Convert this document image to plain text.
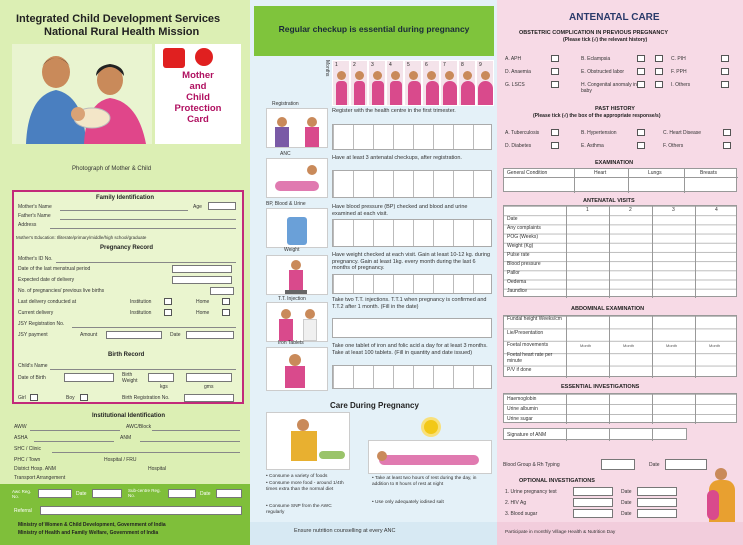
Integrated Child Development Services
National Rural Health Mission
Mother
and
Child
Protection
Card
Photograph of Mother & Child
Family Identification
Mother's Name	Age
Father's Name
Address
Mother's Education: Illiterate/primary/middle/high school/graduate
Pregnancy Record
Mother's ID No.
Date of the last menstrual period
Expected date of delivery
No. of pregnancies/ previous live births
Last delivery conducted at	Institution	Home
Current delivery	Institution	Home
JSY Registration No.
JSY payment	Amount	Date
Birth Record
Child's Name
Date of Birth	Birth Weight
kgs	gms
Girl	Boy	Birth Registration No.
Institutional Identification
AWW	AWC/Block
ASHA	ANM
SHC / Clinic
PHC / Town	Hospital / FRU
District Hosp. ANM	Hospital
Transport Arrangement
Awc Reg. No.	Date
Sub-centre Reg. No.	Date
Referral
Ministry of Women & Child Development, Government of India
Ministry of Health and Family Welfare, Government of India
Regular checkup is essential during pregnancy
Months 1	2	3	4	5	6	7	8	9
Registration
Register with the health centre in the first trimester.
ANC
Have at least 3 antenatal checkups, after registration.
BP, Blood & Urine	Have blood pressure (BP) checked and blood and urine examined at each visit.
Weight
Have weight checked at each visit. Gain at least 10-12 kg. during pregnancy. Gain at least 1kg. every month during the last 6 months of pregnancy.
T.T. Injection	Take two T.T. injections. T.T.1 when pregnancy is confirmed and T.T.2 after 1 month. (Fill in the date)
Iron Tablets	Take one tablet of iron and folic acid a day for at least 3 months. Take at least 100 tablets. (Fill in quantity and date issued)
Care During Pregnancy
• Consume a variety of foods
• Consume more food - around 1/4th times extra than the normal diet
• Consume SNP from the AWC regularly
• Take at least two hours of rest during the day, in addition to 8 hours of rest at night
• Use only adequately iodised salt
Ensure nutrition counselling at every ANC
ANTENATAL CARE
OBSTETRIC COMPLICATION IN PREVIOUS PREGNANCY
(Please tick (√) the relevant history)
A. APH	B. Eclampsia	C. PIH
D. Anaemia	E. Obstructed labor	F. PPH
G. LSCS	H. Congenital anomaly in baby
I. Others
PAST HISTORY
(Please tick (√) the box of the appropriate response/s)
A. Tuberculosis	B. Hypertension	C. Heart Disease
D. Diabetes	E. Asthma	F. Others
EXAMINATION
General Condition	Heart	Lungs	Breasts
ANTENATAL VISITS
1	2	3	4
Date
Any complaints
POG (Weeks)
Weight (Kg)
Pulse rate
Blood pressure
Pallor
Oedema
Jaundice
ABDOMINAL EXAMINATION
Fundal height Weeks/cm
Lie/Presentation
Foetal movements	Month	Month	Month	Month
Foetal heart rate per minute
P/V if done
ESSENTIAL INVESTIGATIONS
Haemoglobin
Urine albumin
Urine sugar
Signature of ANM
Blood Group & Rh Typing	Date
OPTIONAL INVESTIGATIONS
1. Urine pregnancy test	Date
2. HIV Ag	Date
3. Blood sugar	Date
Participate in monthly Village Health & Nutrition Day
